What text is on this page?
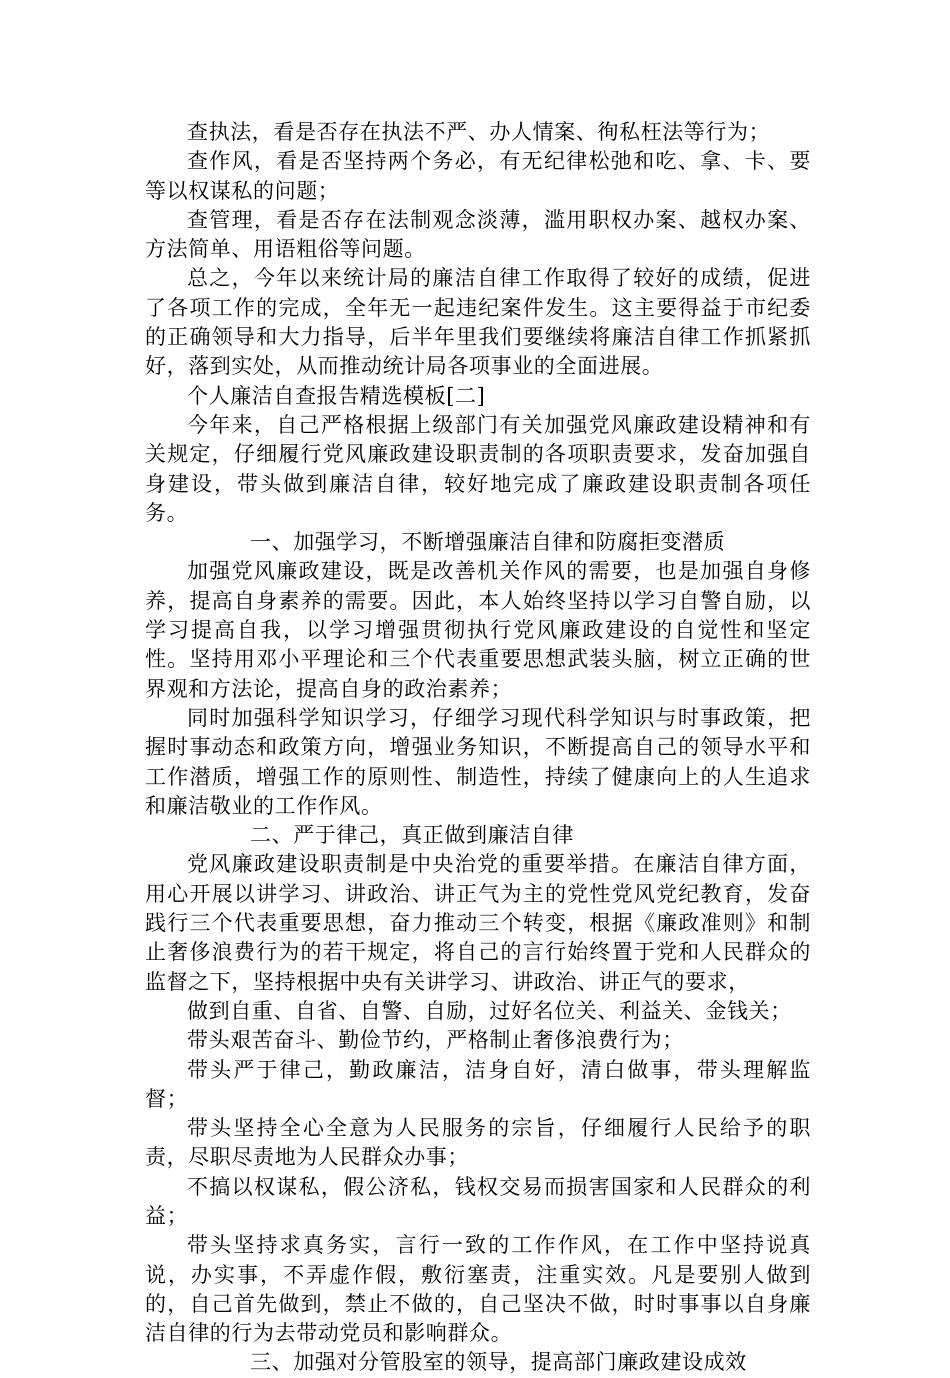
查执法，看是否存在执法不严、办人情案、徇私枉法等行为；

查作风，看是否坚持两个务必，有无纪律松弛和吃、拿、卡、要等以权谋私的问题；

查管理，看是否存在法制观念淡薄，滥用职权办案、越权办案、方法简单、用语粗俗等问题。

总之，今年以来统计局的廉洁自律工作取得了较好的成绩，促进了各项工作的完成，全年无一起违纪案件发生。这主要得益于市纪委的正确领导和大力指导，后半年里我们要继续将廉洁自律工作抓紧抓好，落到实处，从而推动统计局各项事业的全面进展。

个人廉洁自查报告精选模板[二]

今年来，自己严格根据上级部门有关加强党风廉政建设精神和有关规定，仔细履行党风廉政建设职责制的各项职责要求，发奋加强自身建设，带头做到廉洁自律，较好地完成了廉政建设职责制各项任务。

一、加强学习，不断增强廉洁自律和防腐拒变潜质

加强党风廉政建设，既是改善机关作风的需要，也是加强自身修养，提高自身素养的需要。因此，本人始终坚持以学习自警自励，以学习提高自我，以学习增强贯彻执行党风廉政建设的自觉性和坚定性。坚持用邓小平理论和三个代表重要思想武装头脑，树立正确的世界观和方法论，提高自身的政治素养；

同时加强科学知识学习，仔细学习现代科学知识与时事政策，把握时事动态和政策方向，增强业务知识，不断提高自己的领导水平和工作潜质，增强工作的原则性、制造性，持续了健康向上的人生追求和廉洁敬业的工作作风。

二、严于律己，真正做到廉洁自律

党风廉政建设职责制是中央治党的重要举措。在廉洁自律方面，用心开展以讲学习、讲政治、讲正气为主的党性党风党纪教育，发奋践行三个代表重要思想，奋力推动三个转变，根据《廉政准则》和制止奢侈浪费行为的若干规定，将自己的言行始终置于党和人民群众的监督之下，坚持根据中央有关讲学习、讲政治、讲正气的要求，

做到自重、自省、自警、自励，过好名位关、利益关、金钱关；

带头艰苦奋斗、勤俭节约，严格制止奢侈浪费行为；

带头严于律己，勤政廉洁，洁身自好，清白做事，带头理解监督；

带头坚持全心全意为人民服务的宗旨，仔细履行人民给予的职责，尽职尽责地为人民群众办事；

不搞以权谋私，假公济私，钱权交易而损害国家和人民群众的利益；

带头坚持求真务实，言行一致的工作作风，在工作中坚持说真说，办实事，不弄虚作假，敷衍塞责，注重实效。凡是要别人做到的，自己首先做到，禁止不做的，自己坚决不做，时时事事以自身廉洁自律的行为去带动党员和影响群众。

三、加强对分管股室的领导，提高部门廉政建设成效
